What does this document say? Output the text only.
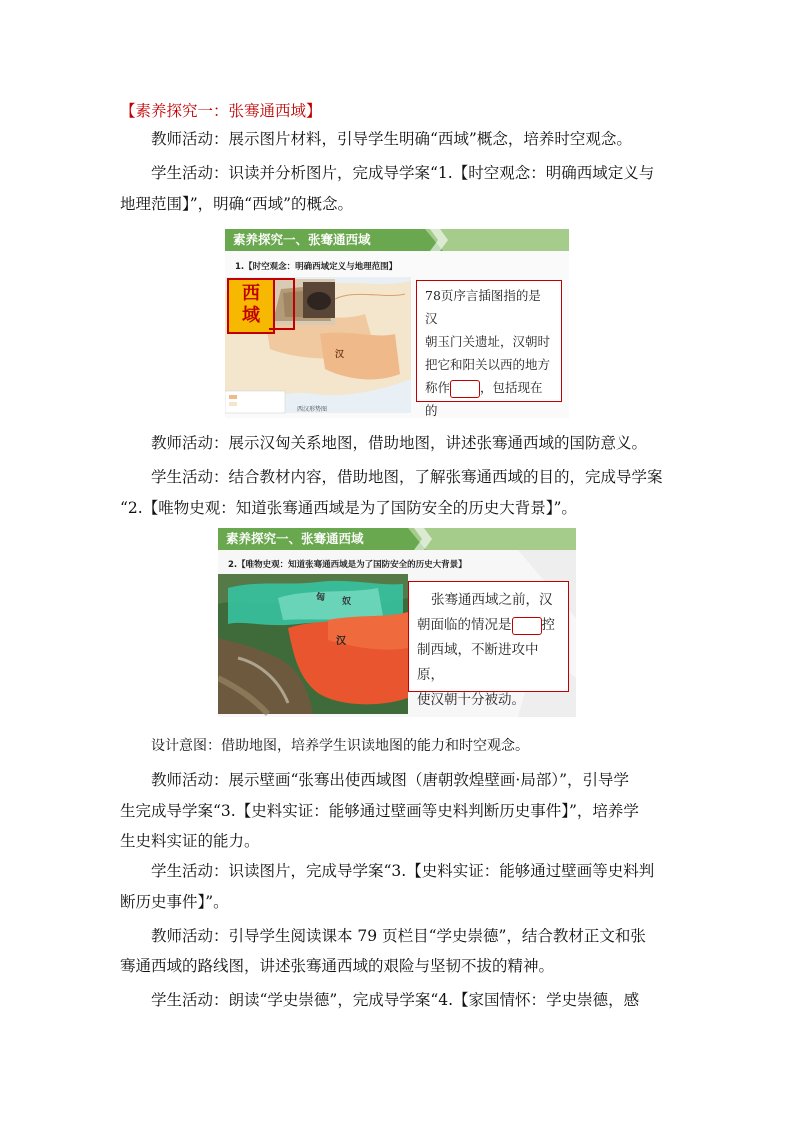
【素养探究一：张骞通西域】
教师活动：展示图片材料，引导学生明确“西域”概念，培养时空观念。
学生活动：识读并分析图片，完成导学案“1.【时空观念：明确西域定义与
地理范围】”，明确“西域”的概念。
素养探究一、张骞通西域
1.【时空观念：明确西域定义与地理范围】
西
域
汉
西汉形势图
78页序言插图指的是汉
朝玉门关遗址，汉朝时
把它和阳关以西的地方
称作 ，包括现在的
教师活动：展示汉匈关系地图，借助地图，讲述张骞通西域的国防意义。
学生活动：结合教材内容，借助地图，了解张骞通西域的目的，完成导学案
“2.【唯物史观：知道张骞通西域是为了国防安全的历史大背景】”。
素养探究一、张骞通西域
2.【唯物史观：知道张骞通西域是为了国防安全的历史大背景】
匈 奴
汉
张骞通西域之前，汉
朝面临的情况是 控
制西域，不断进攻中原，
使汉朝十分被动。
设计意图：借助地图，培养学生识读地图的能力和时空观念。
教师活动：展示壁画“张骞出使西域图（唐朝敦煌壁画·局部）”，引导学
生完成导学案“3.【史料实证：能够通过壁画等史料判断历史事件】”，培养学
生史料实证的能力。
学生活动：识读图片，完成导学案“3.【史料实证：能够通过壁画等史料判
断历史事件】”。
教师活动：引导学生阅读课本 79 页栏目“学史崇德”，结合教材正文和张
骞通西域的路线图，讲述张骞通西域的艰险与坚韧不拔的精神。
学生活动：朗读“学史崇德”，完成导学案“4.【家国情怀：学史崇德，感
